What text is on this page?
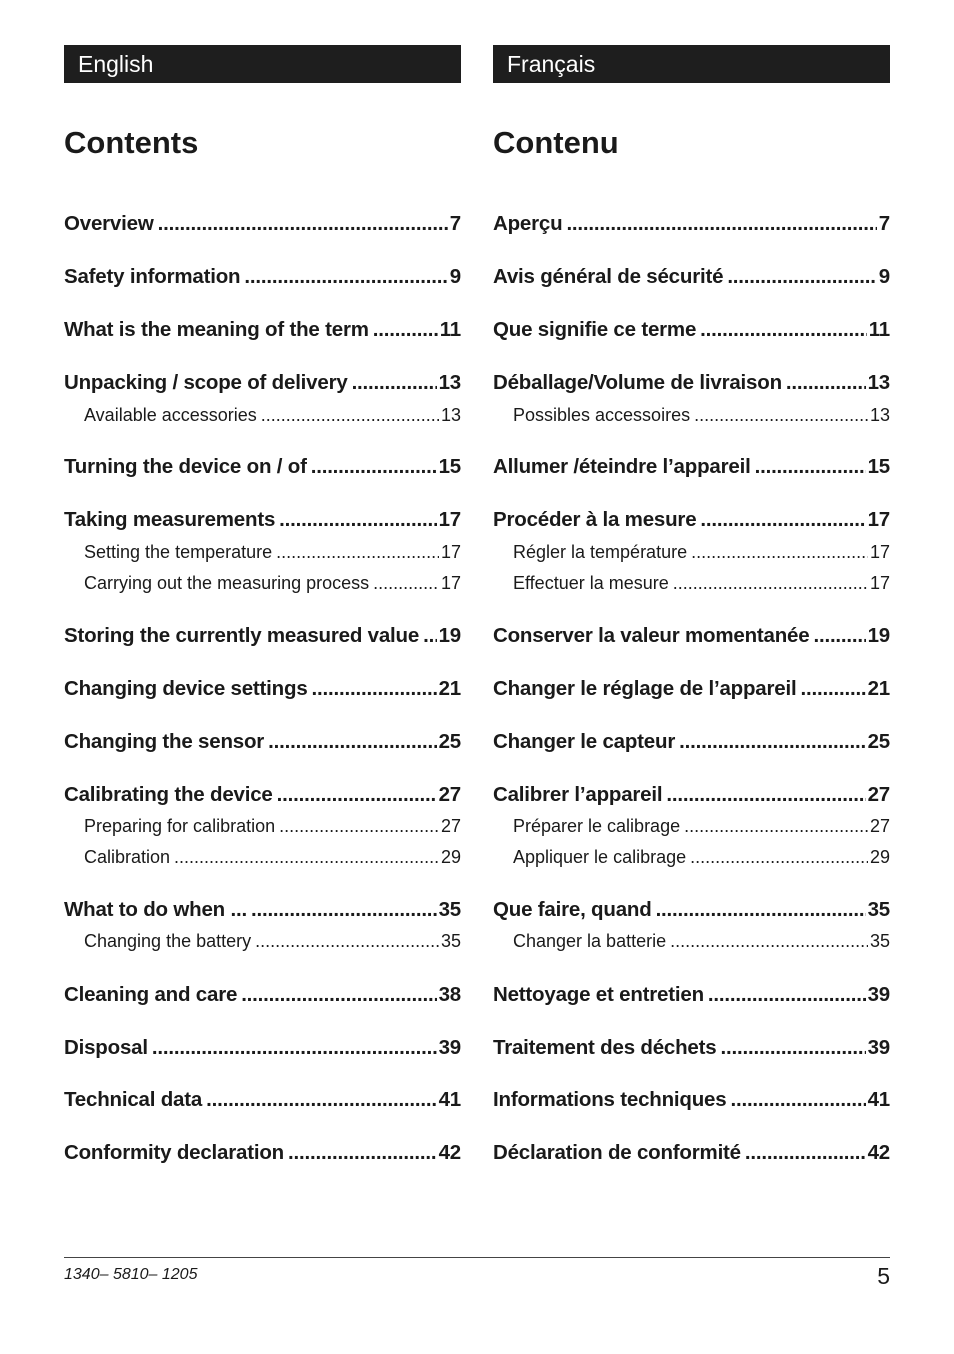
English
Contents
Overview .....	7
Safety information .....	9
What is the meaning of the term .....	11
Unpacking / scope of delivery .....	13
Available accessories .....	13
Turning the device on / of .....	15
Taking measurements .....	17
Setting the temperature .....	17
Carrying out the measuring process .....	17
Storing the currently measured value ..... 19
Changing device settings .....	21
Changing the sensor .....	25
Calibrating the device .....	27
Preparing for calibration .....	27
Calibration .....	29
What to do when ... .....	35
Changing the battery .....	35
Cleaning and care .....	38
Disposal .....	39
Technical data .....	41
Conformity declaration .....	42
Français
Contenu
Aperçu .....	7
Avis général de sécurité .....	9
Que signifie ce terme .....	11
Déballage/Volume de livraison .....	13
Possibles accessoires .....	13
Allumer /éteindre l’appareil .....	15
Procéder à la mesure .....	17
Régler la température .....	17
Effectuer la mesure .....	17
Conserver la valeur momentanée .....	19
Changer le réglage de l’appareil .....	21
Changer le capteur .....	25
Calibrer l’appareil .....	27
Préparer le calibrage .....	27
Appliquer le calibrage .....	29
Que faire, quand .....	35
Changer la batterie .....	35
Nettoyage et entretien .....	39
Traitement des déchets .....	39
Informations techniques .....	41
Déclaration de conformité .....	42
1340– 5810– 1205	5
